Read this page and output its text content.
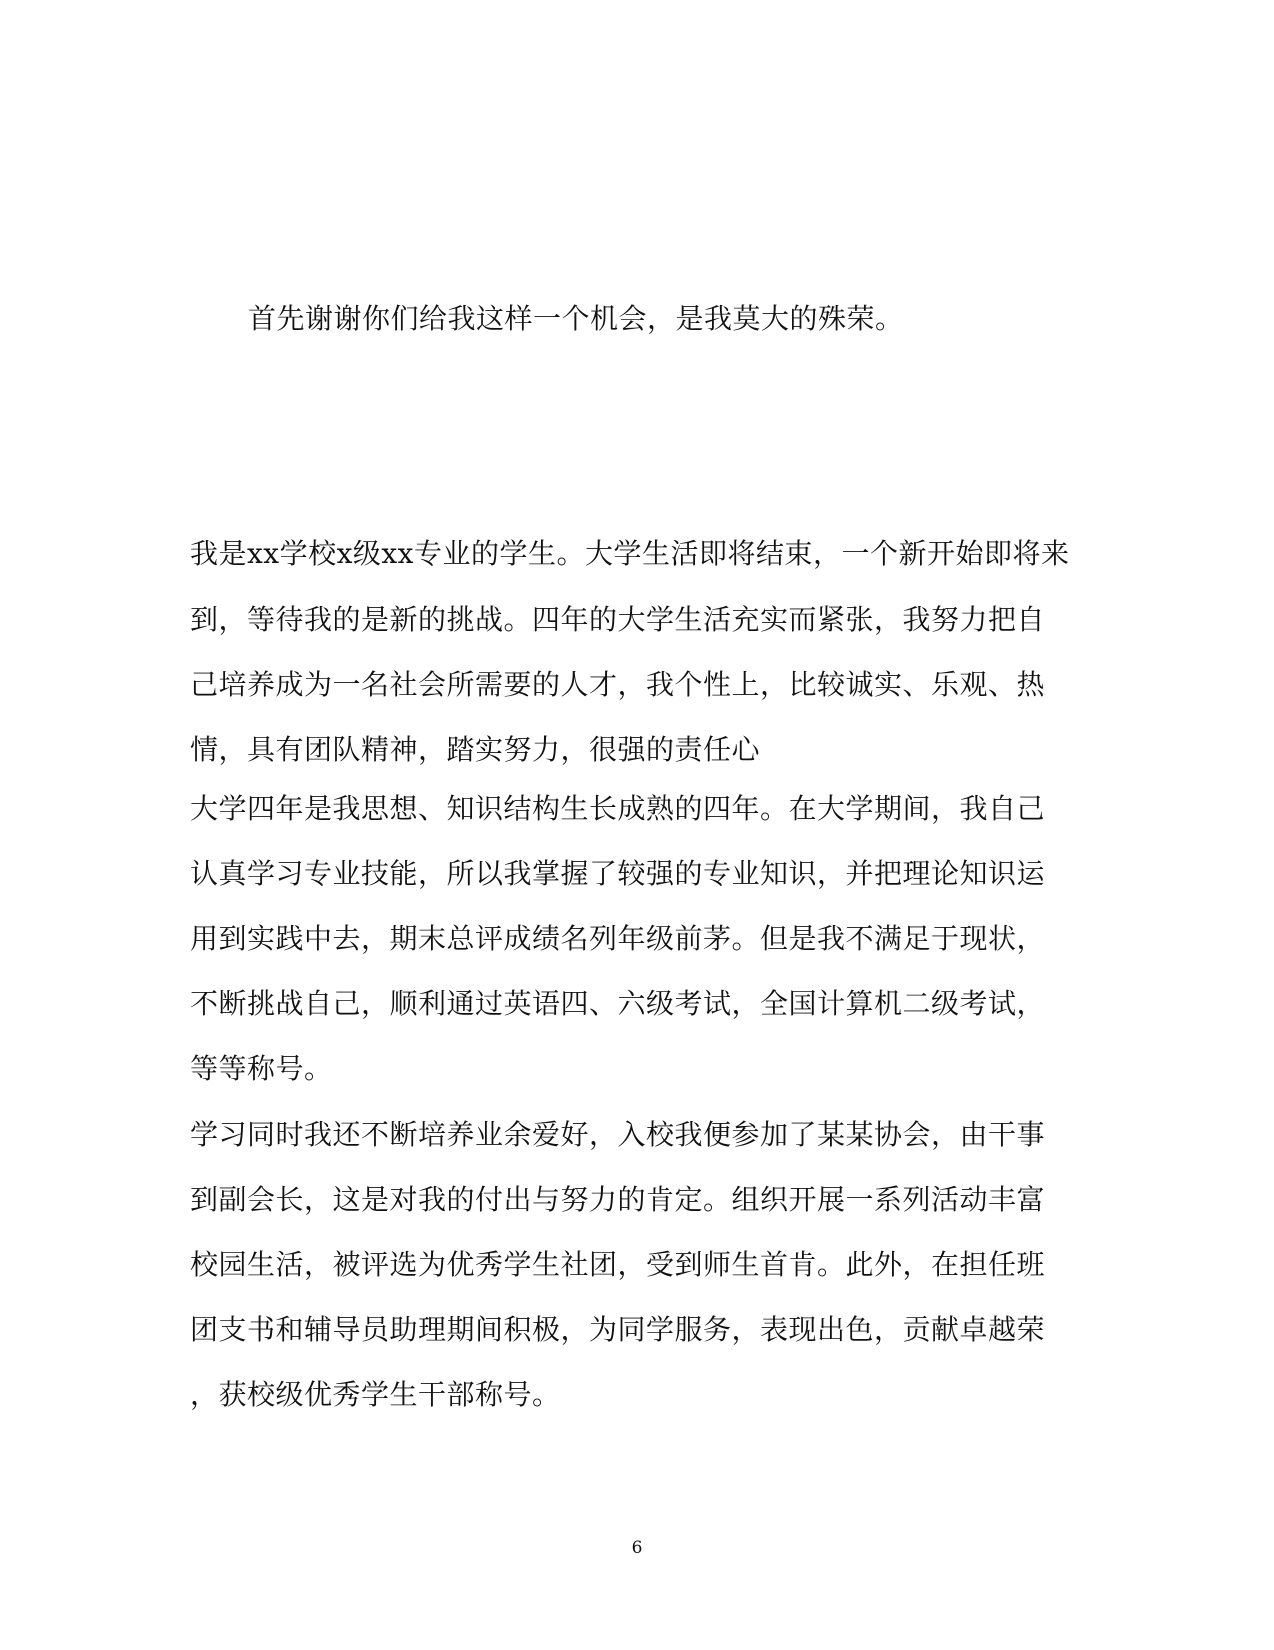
首先谢谢你们给我这样一个机会，是我莫大的殊荣。
我是xx学校x级xx专业的学生。大学生活即将结束，一个新开始即将来
到，等待我的是新的挑战。四年的大学生活充实而紧张，我努力把自
己培养成为一名社会所需要的人才，我个性上，比较诚实、乐观、热
情，具有团队精神，踏实努力，很强的责任心
大学四年是我思想、知识结构生长成熟的四年。在大学期间，我自己
认真学习专业技能，所以我掌握了较强的专业知识，并把理论知识运
用到实践中去，期末总评成绩名列年级前茅。但是我不满足于现状，
不断挑战自己，顺利通过英语四、六级考试，全国计算机二级考试，
等等称号。
学习同时我还不断培养业余爱好，入校我便参加了某某协会，由干事
到副会长，这是对我的付出与努力的肯定。组织开展一系列活动丰富
校园生活，被评选为优秀学生社团，受到师生首肯。此外，在担任班
团支书和辅导员助理期间积极，为同学服务，表现出色，贡献卓越荣
，获校级优秀学生干部称号。
6
